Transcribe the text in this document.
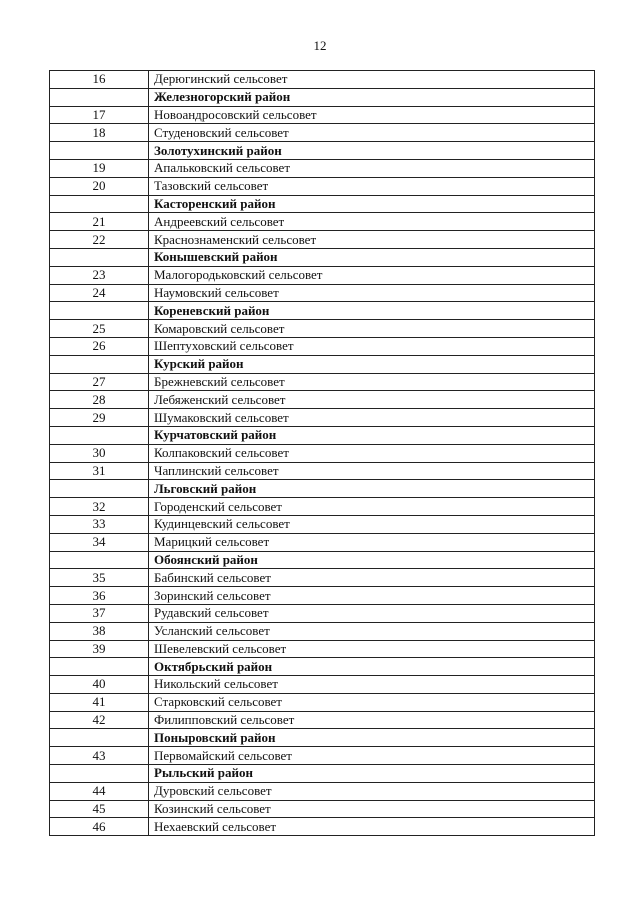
12
16	Дерюгинский сельсовет
	Железногорский район
17	Новоандросовский сельсовет
18	Студеновский сельсовет
	Золотухинский район
19	Апальковский сельсовет
20	Тазовский сельсовет
	Касторенский район
21	Андреевский сельсовет
22	Краснознаменский сельсовет
	Конышевский район
23	Малогородьковский сельсовет
24	Наумовский сельсовет
	Кореневский район
25	Комаровский сельсовет
26	Шептуховский сельсовет
	Курский район
27	Брежневский сельсовет
28	Лебяженский сельсовет
29	Шумаковский сельсовет
	Курчатовский район
30	Колпаковский сельсовет
31	Чаплинский сельсовет
	Льговский район
32	Городенский сельсовет
33	Кудинцевский сельсовет
34	Марицкий сельсовет
	Обоянский район
35	Бабинский сельсовет
36	Зоринский сельсовет
37	Рудавский сельсовет
38	Усланский сельсовет
39	Шевелевский сельсовет
	Октябрьский район
40	Никольский сельсовет
41	Старковский сельсовет
42	Филипповский сельсовет
	Поныровский район
43	Первомайский сельсовет
	Рыльский район
44	Дуровский сельсовет
45	Козинский сельсовет
46	Нехаевский сельсовет
